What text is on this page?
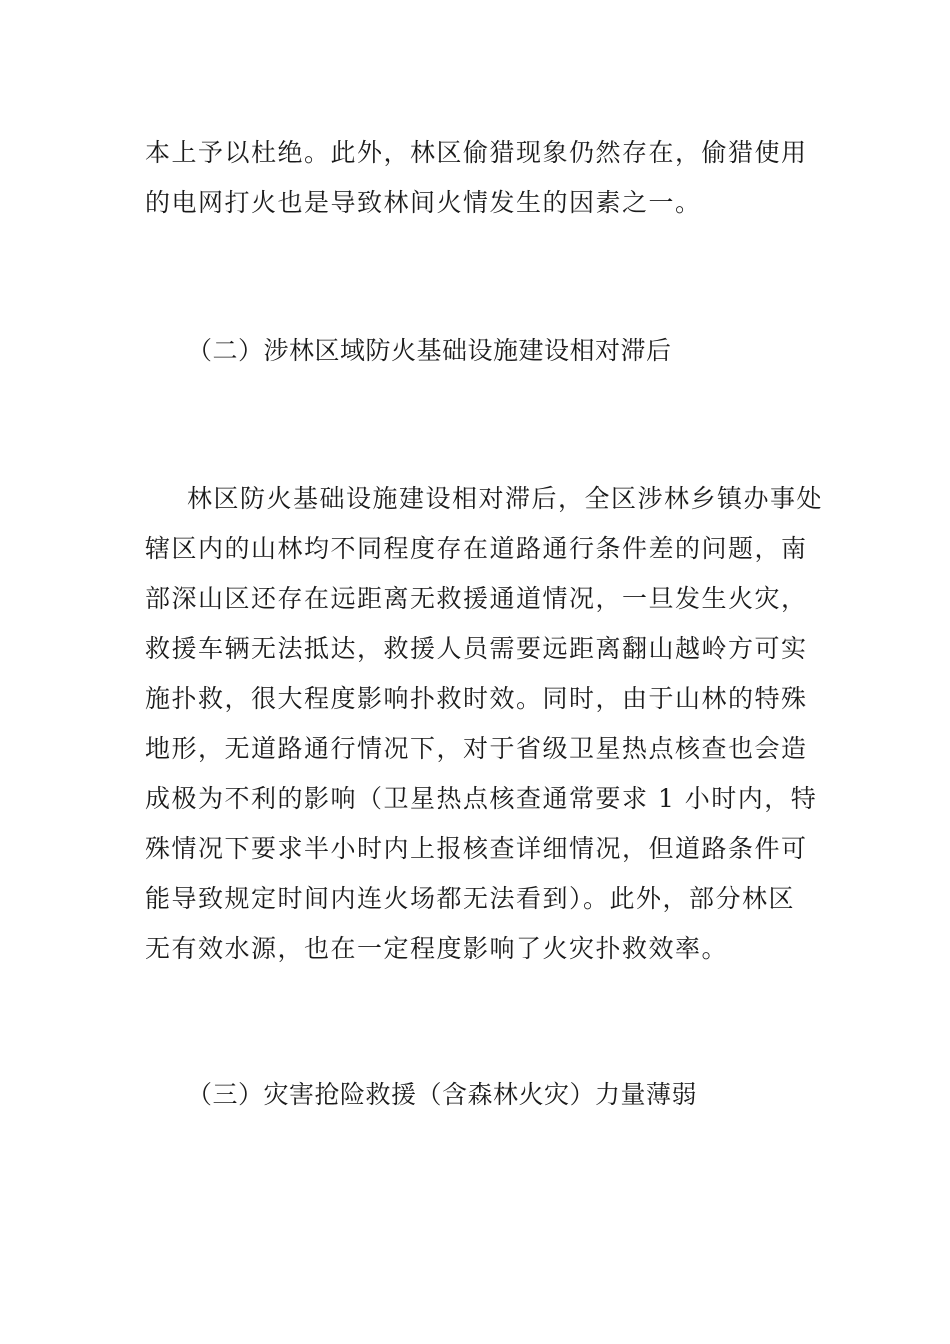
本上予以杜绝。此外，林区偷猎现象仍然存在，偷猎使用
的电网打火也是导致林间火情发生的因素之一。
（二）涉林区域防火基础设施建设相对滞后
林区防火基础设施建设相对滞后，全区涉林乡镇办事处
辖区内的山林均不同程度存在道路通行条件差的问题，南
部深山区还存在远距离无救援通道情况，一旦发生火灾，
救援车辆无法抵达，救援人员需要远距离翻山越岭方可实
施扑救，很大程度影响扑救时效。同时，由于山林的特殊
地形，无道路通行情况下，对于省级卫星热点核查也会造
成极为不利的影响（卫星热点核查通常要求 1 小时内，特
殊情况下要求半小时内上报核查详细情况，但道路条件可
能导致规定时间内连火场都无法看到）。此外，部分林区
无有效水源，也在一定程度影响了火灾扑救效率。
（三）灾害抢险救援（含森林火灾）力量薄弱
